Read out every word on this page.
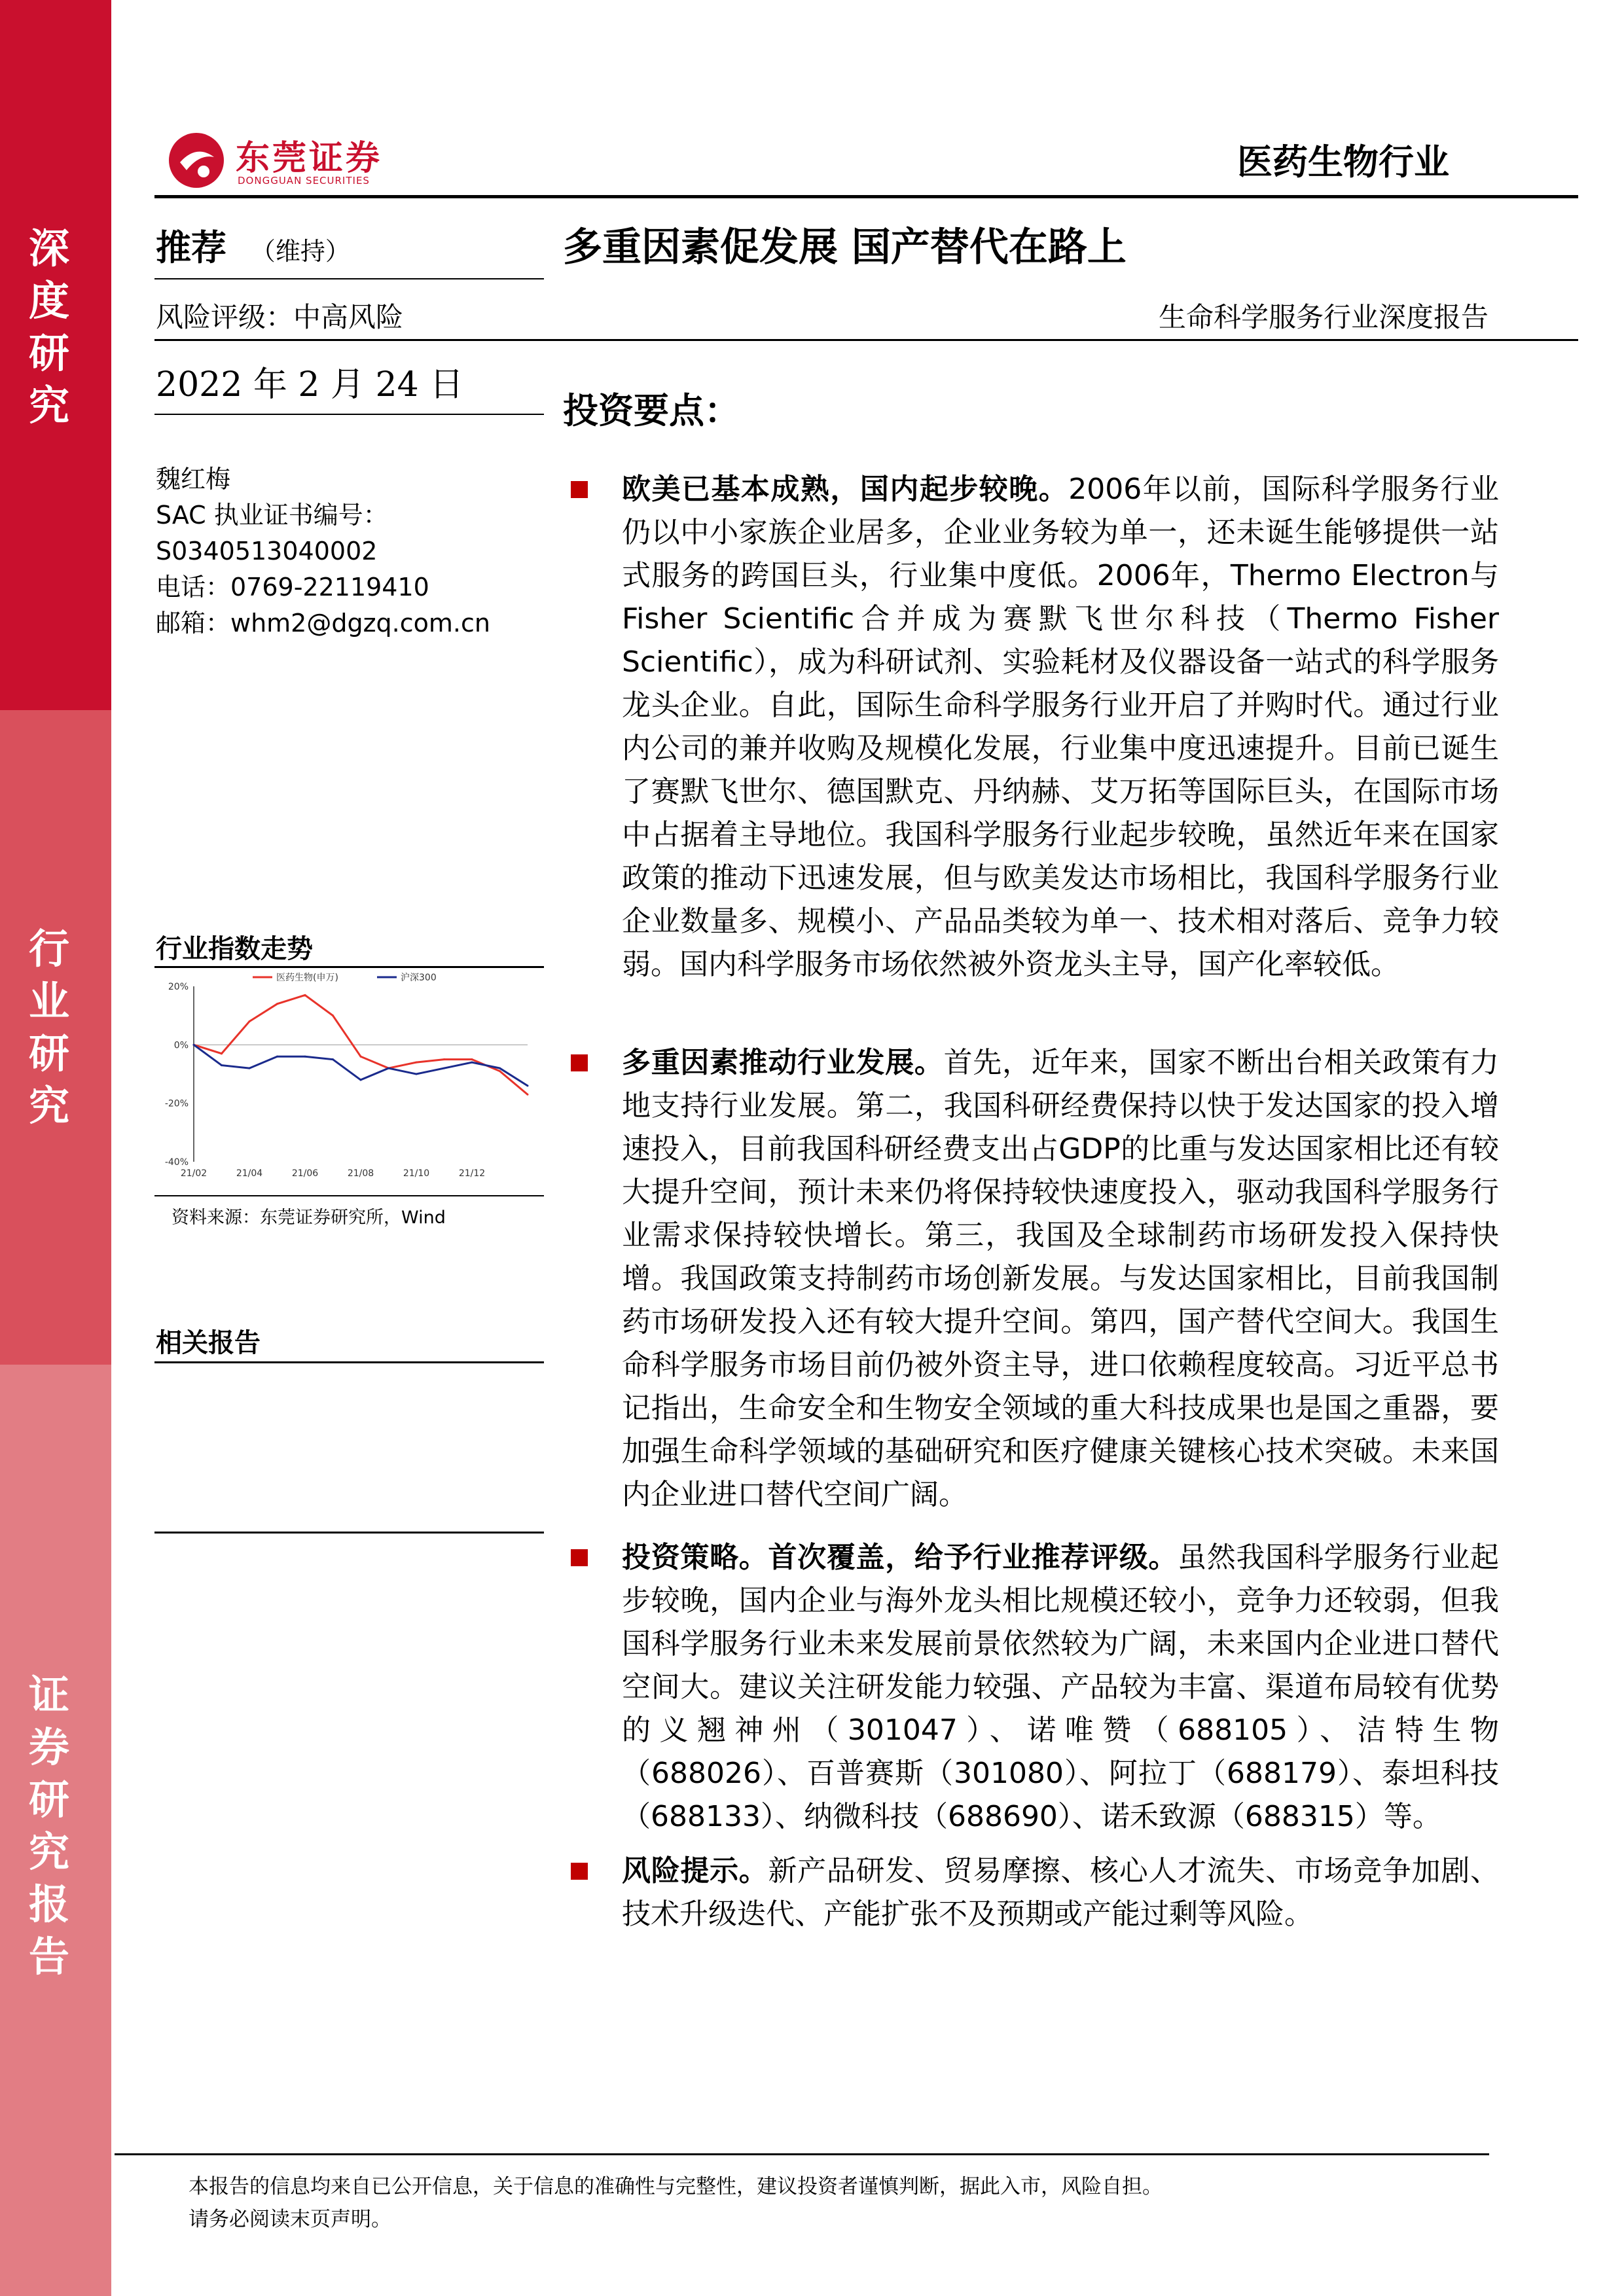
深
度
研
究
行
业
研
究
证
券
研
究
报
告
东莞证券
DONGGUAN SECURITIES	医药生物行业
推荐 （维持）	多重因素促发展 国产替代在路上
风险评级：中高风险	生命科学服务行业深度报告
2022 年 2 月 24 日
魏红梅
SAC 执业证书编号：
S0340513040002
电话：0769-22119410
邮箱：whm2@dgzq.com.cn
行业指数走势
20%
0%
-20%
-40%
21/02	21/04	21/06	21/08	21/10	21/12
医药生物(申万)	沪深300
资料来源：东莞证券研究所，Wind
相关报告
投资要点：
欧美已基本成熟，国内起步较晚。2006年以前，国际科学服务行业仍以中小家族企业居多，企业业务较为单一，还未诞生能够提供一站式服务的跨国巨头，行业集中度低。2006年，Thermo Electron与Fisher Scientific合并成为赛默飞世尔科技（Thermo Fisher Scientific），成为科研试剂、实验耗材及仪器设备一站式的科学服务龙头企业。自此，国际生命科学服务行业开启了并购时代。通过行业内公司的兼并收购及规模化发展，行业集中度迅速提升。目前已诞生了赛默飞世尔、德国默克、丹纳赫、艾万拓等国际巨头，在国际市场中占据着主导地位。我国科学服务行业起步较晚，虽然近年来在国家政策的推动下迅速发展，但与欧美发达市场相比，我国科学服务行业企业数量多、规模小、产品品类较为单一、技术相对落后、竞争力较弱。国内科学服务市场依然被外资龙头主导，国产化率较低。
多重因素推动行业发展。首先，近年来，国家不断出台相关政策有力地支持行业发展。第二，我国科研经费保持以快于发达国家的投入增速投入，目前我国科研经费支出占GDP的比重与发达国家相比还有较大提升空间，预计未来仍将保持较快速度投入，驱动我国科学服务行业需求保持较快增长。第三，我国及全球制药市场研发投入保持快增。我国政策支持制药市场创新发展。与发达国家相比，目前我国制药市场研发投入还有较大提升空间。第四，国产替代空间大。我国生命科学服务市场目前仍被外资主导，进口依赖程度较高。习近平总书记指出，生命安全和生物安全领域的重大科技成果也是国之重器，要加强生命科学领域的基础研究和医疗健康关键核心技术突破。未来国内企业进口替代空间广阔。
投资策略。首次覆盖，给予行业推荐评级。虽然我国科学服务行业起步较晚，国内企业与海外龙头相比规模还较小，竞争力还较弱，但我国科学服务行业未来发展前景依然较为广阔，未来国内企业进口替代空间大。建议关注研发能力较强、产品较为丰富、渠道布局较有优势的义翘神州（301047）、诺唯赞（688105）、洁特生物（688026）、百普赛斯（301080）、阿拉丁（688179）、泰坦科技（688133）、纳微科技（688690）、诺禾致源（688315）等。
风险提示。新产品研发、贸易摩擦、核心人才流失、市场竞争加剧、技术升级迭代、产能扩张不及预期或产能过剩等风险。
本报告的信息均来自已公开信息，关于信息的准确性与完整性，建议投资者谨慎判断，据此入市，风险自担。
请务必阅读末页声明。
